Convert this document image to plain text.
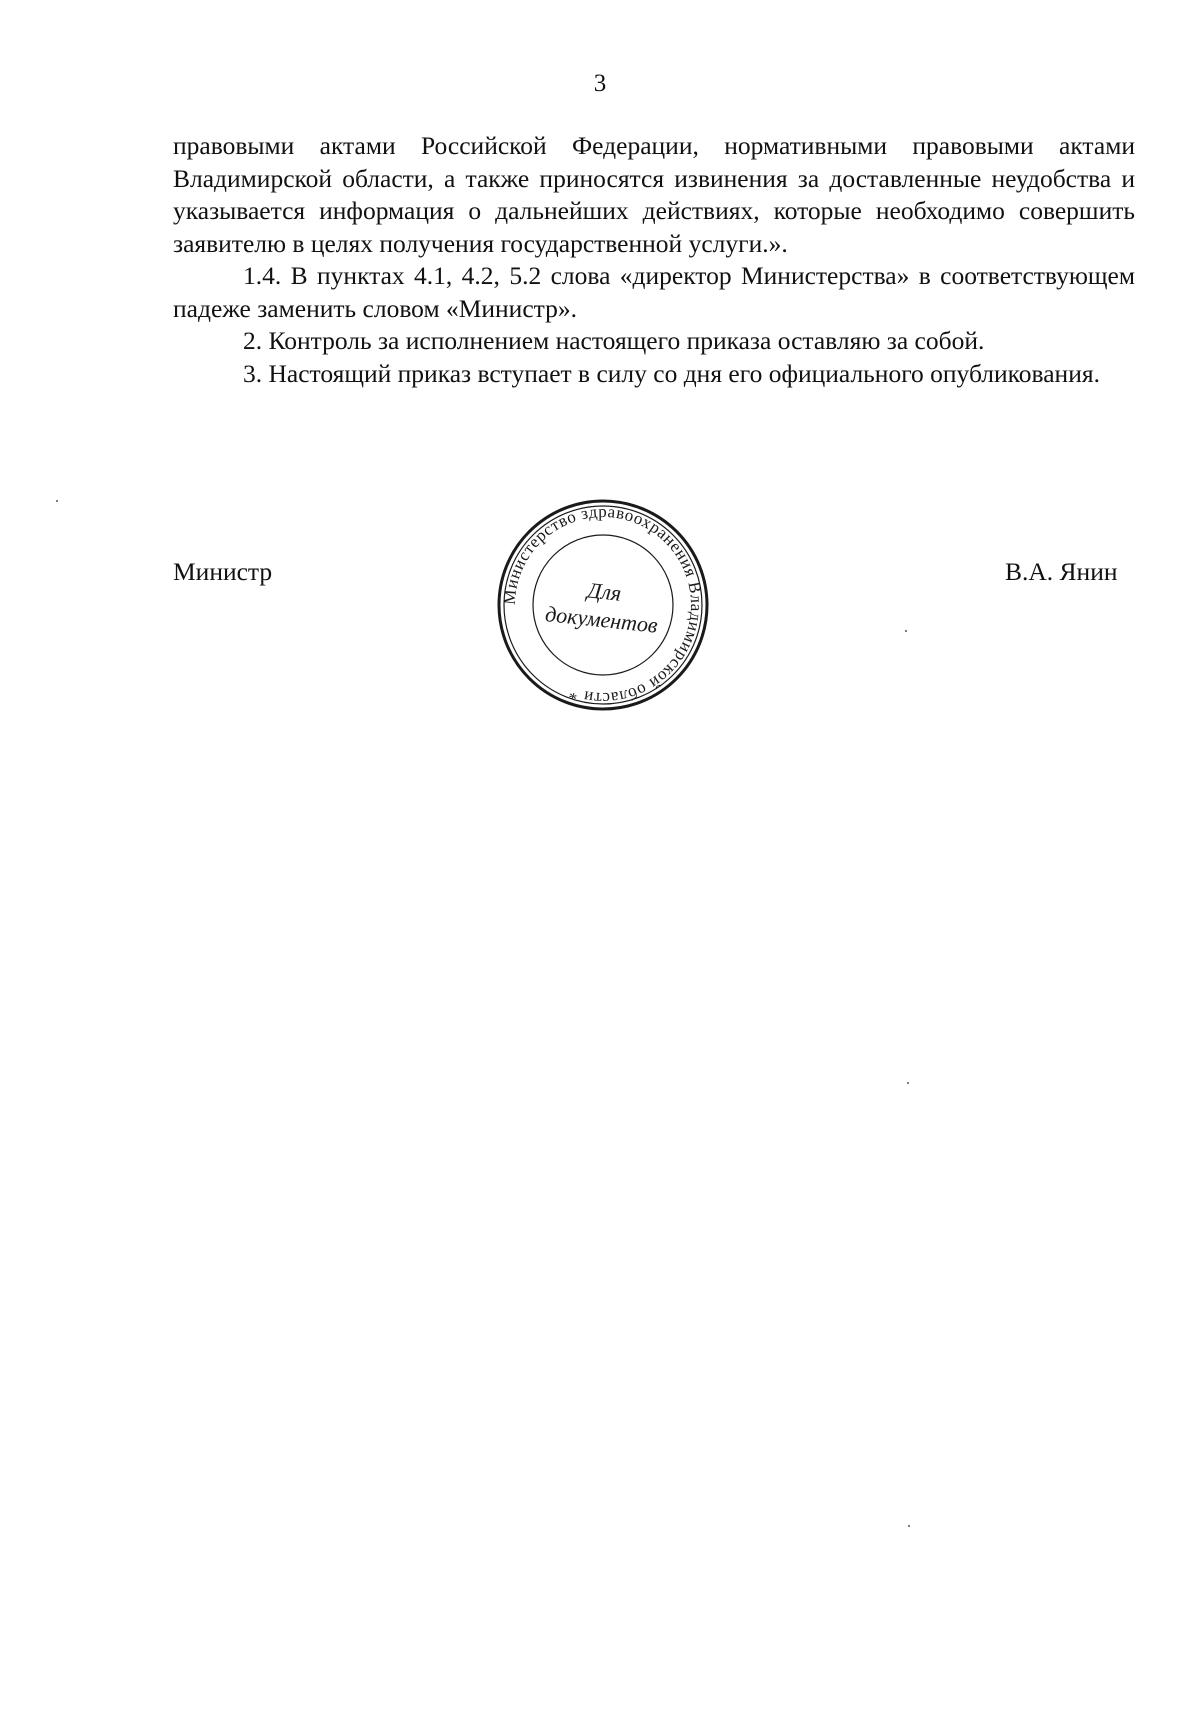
3

правовыми актами Российской Федерации, нормативными правовыми актами Владимирской области, а также приносятся извинения за доставленные неудобства и указывается информация о дальнейших действиях, которые необходимо совершить заявителю в целях получения государственной услуги.».

1.4. В пунктах 4.1, 4.2, 5.2 слова «директор Министерства» в соответствующем падеже заменить словом «Министр».

2. Контроль за исполнением настоящего приказа оставляю за собой.

3. Настоящий приказ вступает в силу со дня его официального опубликования.

Министр	В.А. Янин
Министерство здравоохранения Владимирской области *
Для
документов
